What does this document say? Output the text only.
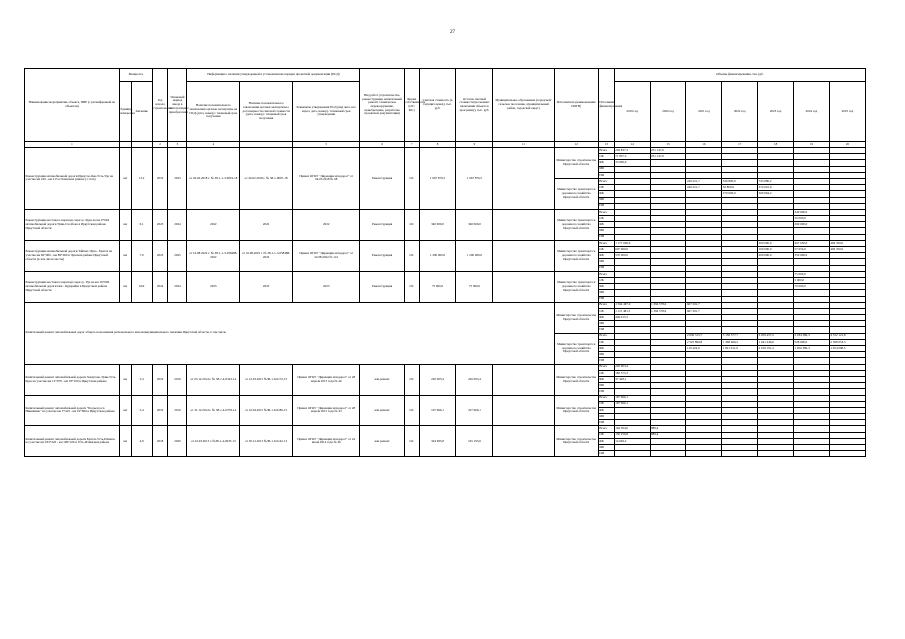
27
Наименование мероприятия, объекта, ПИР (с расшифровкой по объектам)	Мощность		Год начала строительства	Плановый период ввода в эксплуатацию/приобретения	Информация о наличии утвержденной в установленном порядке проектной документации (ПСД)			Вид работ (строительство, реконструкция, капитальный ремонт, техническое перевооружение, приобретение, разработка проектной документации)	Форма собственности (ОС/ МС)	Сметная стоимость (в текущих ценах), тыс. руб.	Остаток сметной стоимости (на момент включения объекта в программу), тыс. руб.	Муниципальное образование (городской/сельское поселение, муниципальный район, городской округ)	Исполнитель (наименование ИОГВ)	Источники финансирования	Объемы финансирования, тыс.руб.						
	Единица измерения	Значение			Наличие положительного заключения органов экспертизы на ПСД (дата, номер) / плановый срок получения	Наличие положительного заключения органов экспертизы о достоверности сметной стоимости (дата, номер) / плановый срок получения	Реквизиты утверждения ПСД (вид акта, кто издал, дата, номер) / плановый срок утверждения								2019 год	2020 год	2021 год	2022 год	2023 год	2024 год	2025 год

1			2	3	4		5	6	7	8	9	11	12	13	14	15	16	17	18	19	20
Реконструкция автомобильной дороги Иркутск-Оек-Усть-Уда на участке км 160 - км 215 в Осинском районе (1 этап)	км	13,2	2019	2023	от 26.02.2018 г. № 38-1-1-3-0019-18	от 26.02.2018 г. № 38-1-0097-18	Приказ ОГКУ "Дирекция автодорог" от 04.05.2018 № 68	Реконструкция	ОС	1 667 876,5	1 667 876,5		Министерство строительства Иркутской области	Всего	204 837,3	231 147,0					
														ОБ	71 837,3	231 147,0					
														ФБ	33 000,0						
														МБ							
														ИИ							
													Министерство транспорта и дорожного хозяйства Иркутской области	Всего			249 221,7	326 800,0	743 080,2		
														ОБ			249 221,7	56 800,0	374 016,0		
														ФБ				270 000,0	369 064,2		
														МБ							
														ИИ							
Реконструкция мостового перехода через р. Куда на км 0+664 автомобильной дороги Урик-Столбова в Иркутском районе Иркутской области	км	0,1	2023	2024	2022	2022	2022	Реконструкция	ОС	340 000,0	340 000,0		Министерство транспорта и дорожного хозяйства Иркутской области	Всего						340 000,0	
														ОБ						50 000,0	
														ФБ						290 000,0	
														МБ							
														ИИ							
Реконструкция автомобильной дороги Тайшет-Чуна - Братск на участке км 82+000 - км 89+000 в Чунском районе Иркутской области (в том числе мосты)	км	7,0	2023	2025	от 16.08.2022 г. № 38-1-1-3-058488-2022	от 16.08.2022 г. № 38-1-1-3-058488-2022	Приказ ОГКУ "Дирекция автодорог" от 22.08.2022 № 141	Реконструкция	ОС	1 200 000,0	1 200 000,0		Министерство транспорта и дорожного хозяйства Иркутской области	Всего	1 177 000,0				300 000,0	407 650,0	469 350,0
														ОБ	607 000,0				100 000,0	57 650,0	469 350,0
														ФБ	570 000,0				200 000,0	350 000,0	
														МБ							
														ИИ							
Реконструкция мостового перехода через р. Уда на км 10+000 автомобильной дороги Оек - Кударейка в Иркутском районе Иркутской области	км	0,02	2024	2024	2023	2023	2023	Реконструкция	ОС	75 000,0	75 000,0		Министерство транспорта и дорожного хозяйства Иркутской области	Всего						75 000,0	
														ОБ						5 000,0	
														ФБ						70 000,0	
														МБ							
														ИИ							
Капитальный ремонт автомобильных дорог общего пользования регионального или межмуниципального значения Иркутской области, в том числе													Министерство строительства Иркутской области	Всего	1 564 497,0	1 394 578,6	667 291,7				
														ОБ	1 115 481,5	1 394 578,6	667 291,7				
														ФБ	449 015,5						
														МБ							
														ИИ							
													Министерство транспорта и дорожного хозяйства Иркутской области	Всего			2 636 315,7	3 150 577,7	3 059 457,2	2 184 386,3	4 552 121,8
														ОБ			2 525 890,8	1 368 666,2	1 041 246,0	528 000,0	2 598 053,3
														ФБ			110 424,9	1 821 911,6	2 018 191,2	1 656 386,3	1 954 068,5
														МБ							
														ИИ							
Капитальный ремонт автомобильной дороги Хомутово-Урик-Усть-Куда на участке км 12+979 - км 18+100 в Иркутском районе	км	5,4	2019	2019	от 03.12.2014 г. № 38-1-4-0343-14	от 12.03.2015 №38-1-6-0172-15	Приказ ОГКУ "Дирекция автодорог" от 28 апреля 2015 года № 46	кап.ремонт	ОС	220 003,4	220 003,4		Министерство строительства Иркутской области	Всего	220 003,4						
														ОБ	182 575,3						
														ФБ	37 428,1						
														МБ							
														ИИ							
Капитальный ремонт автомобильной дороги "Подъезд к п. Никишино" на участке км 5+419 - км 19+660 в Иркутском районе	км	5,4	2019	2019	от 31.12.2014 г. № 38-1-4-0378-14	от 10.04.2015 №38-1-6-0186-15	Приказ ОГКУ "Дирекция автодорог" от 28 апреля 2015 года № 43	кап.ремонт	ОС	197 966,1	197 966,1		Министерство строительства Иркутской области	Всего	197 966,1						
														ОБ	197 966,1						
														ФБ							
														МБ							
														ИИ							
Капитальный ремонт автомобильной дороги Братск-Усть-Илимск на участке км 183+220 - км 190+226 в Усть-Илимском районе	км	4,9	2018	2020	от 22.03.2013 г. №38-1-4-0035-13	от 30.12.2013 №38-1-6-0142-13	Приказ ОГКУ "Дирекция автодорог" от 24 июня 2014 года № 46	кап.ремонт	ОС	344 995,8	165 193,6		Министерство строительства Иркутской области	Всего	164 304,0	889,4					
														ОБ	150 256,8	889,4					
														ФБ	14 049,2						
														МБ							
														ИИ							
